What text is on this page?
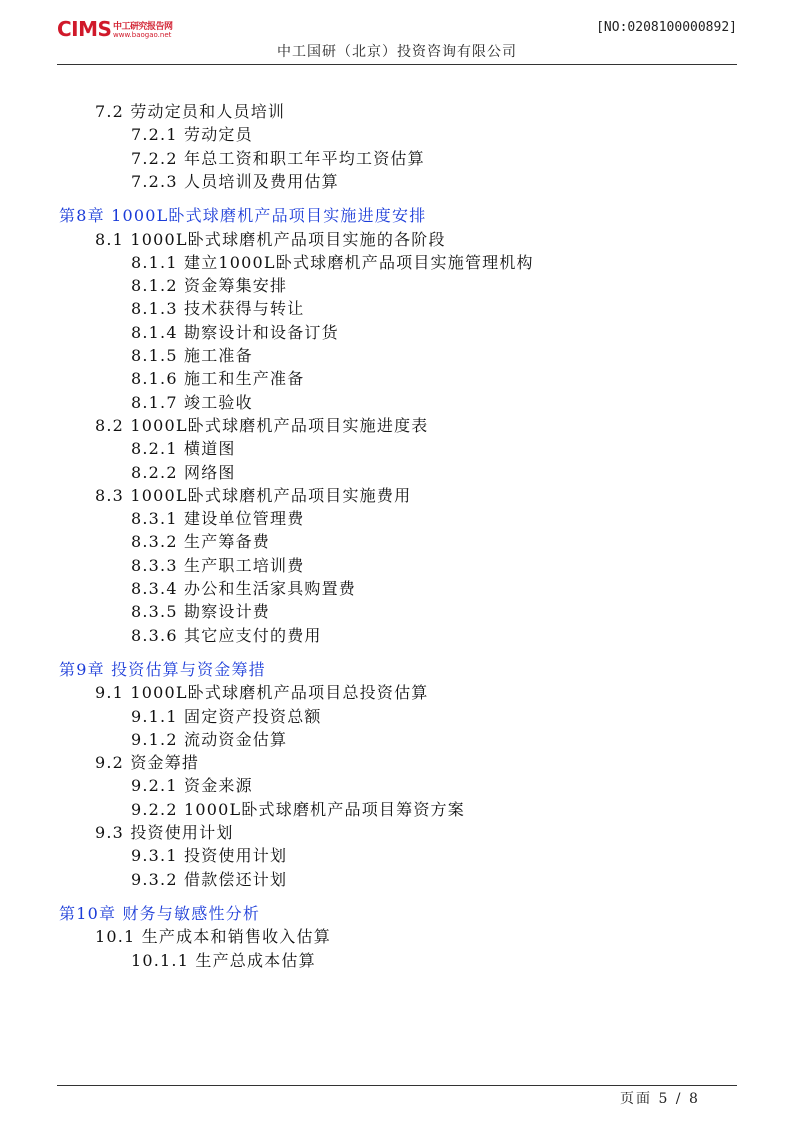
CIMS 中工研究报告网
www.baogao.net	[NO:0208100000892]
中工国研（北京）投资咨询有限公司
7.2 劳动定员和人员培训
7.2.1 劳动定员
7.2.2 年总工资和职工年平均工资估算
7.2.3 人员培训及费用估算
第8章 1000L卧式球磨机产品项目实施进度安排
8.1 1000L卧式球磨机产品项目实施的各阶段
8.1.1 建立1000L卧式球磨机产品项目实施管理机构
8.1.2 资金筹集安排
8.1.3 技术获得与转让
8.1.4 勘察设计和设备订货
8.1.5 施工准备
8.1.6 施工和生产准备
8.1.7 竣工验收
8.2 1000L卧式球磨机产品项目实施进度表
8.2.1 横道图
8.2.2 网络图
8.3 1000L卧式球磨机产品项目实施费用
8.3.1 建设单位管理费
8.3.2 生产筹备费
8.3.3 生产职工培训费
8.3.4 办公和生活家具购置费
8.3.5 勘察设计费
8.3.6 其它应支付的费用
第9章 投资估算与资金筹措
9.1 1000L卧式球磨机产品项目总投资估算
9.1.1 固定资产投资总额
9.1.2 流动资金估算
9.2 资金筹措
9.2.1 资金来源
9.2.2 1000L卧式球磨机产品项目筹资方案
9.3 投资使用计划
9.3.1 投资使用计划
9.3.2 借款偿还计划
第10章 财务与敏感性分析
10.1 生产成本和销售收入估算
10.1.1 生产总成本估算
页面 5 / 8
